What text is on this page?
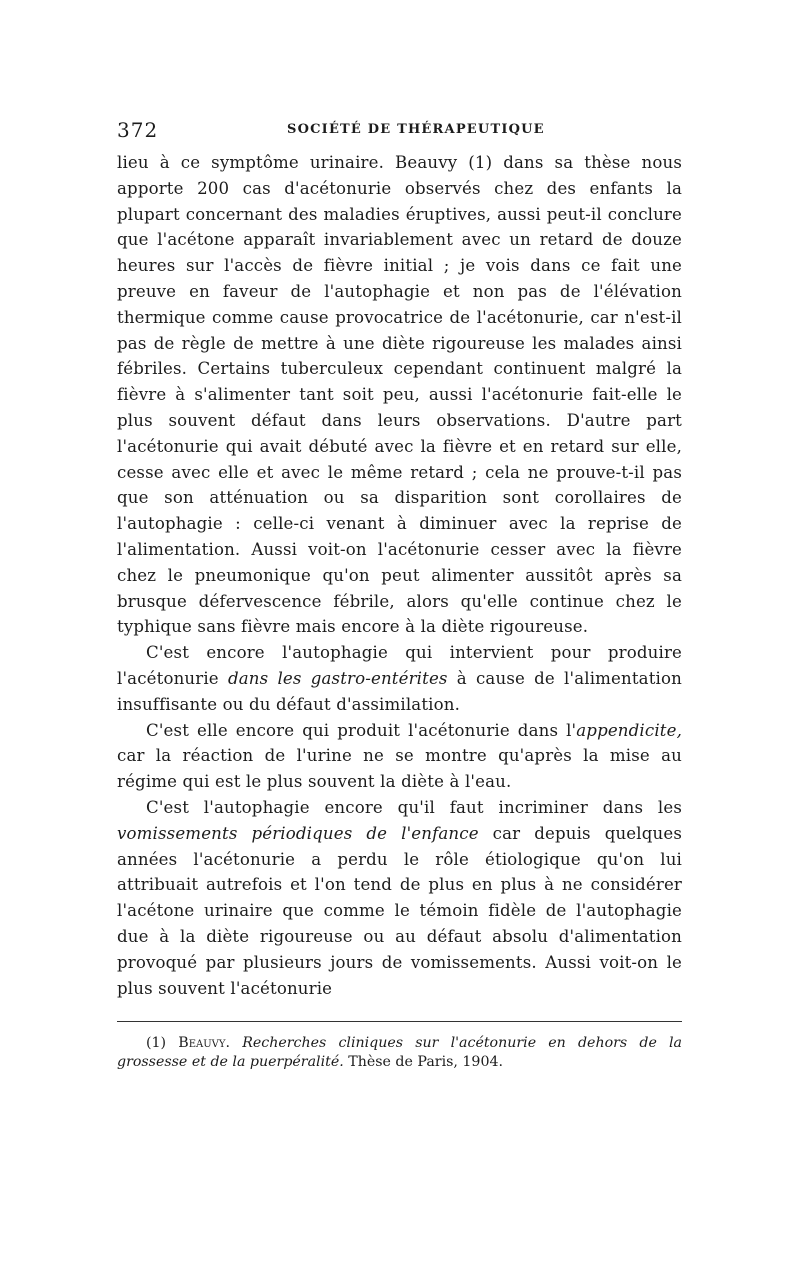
372	SOCIÉTÉ DE THÉRAPEUTIQUE

lieu à ce symptôme urinaire. Beauvy (1) dans sa thèse nous apporte 200 cas d'acétonurie observés chez des enfants la plupart concernant des maladies éruptives, aussi peut-il conclure que l'acétone apparaît invariablement avec un retard de douze heures sur l'accès de fièvre initial ; je vois dans ce fait une preuve en faveur de l'autophagie et non pas de l'élévation thermique comme cause provocatrice de l'acétonurie, car n'est-il pas de règle de mettre à une diète rigoureuse les malades ainsi fébriles. Certains tuberculeux cependant continuent malgré la fièvre à s'alimenter tant soit peu, aussi l'acétonurie fait-elle le plus souvent défaut dans leurs observations. D'autre part l'acétonurie qui avait débuté avec la fièvre et en retard sur elle, cesse avec elle et avec le même retard ; cela ne prouve-t-il pas que son atténuation ou sa disparition sont corollaires de l'autophagie : celle-ci venant à diminuer avec la reprise de l'alimentation. Aussi voit-on l'acétonurie cesser avec la fièvre chez le pneumonique qu'on peut alimenter aussitôt après sa brusque défervescence fébrile, alors qu'elle continue chez le typhique sans fièvre mais encore à la diète rigoureuse.

C'est encore l'autophagie qui intervient pour produire l'acétonurie dans les gastro-entérites à cause de l'alimentation insuffisante ou du défaut d'assimilation.

C'est elle encore qui produit l'acétonurie dans l'appendicite, car la réaction de l'urine ne se montre qu'après la mise au régime qui est le plus souvent la diète à l'eau.

C'est l'autophagie encore qu'il faut incriminer dans les vomissements périodiques de l'enfance car depuis quelques années l'acétonurie a perdu le rôle étiologique qu'on lui attribuait autrefois et l'on tend de plus en plus à ne considérer l'acétone urinaire que comme le témoin fidèle de l'autophagie due à la diète rigoureuse ou au défaut absolu d'alimentation provoqué par plusieurs jours de vomissements. Aussi voit-on le plus souvent l'acétonurie

(1) Beauvy. Recherches cliniques sur l'acétonurie en dehors de la grossesse et de la puerpéralité. Thèse de Paris, 1904.
